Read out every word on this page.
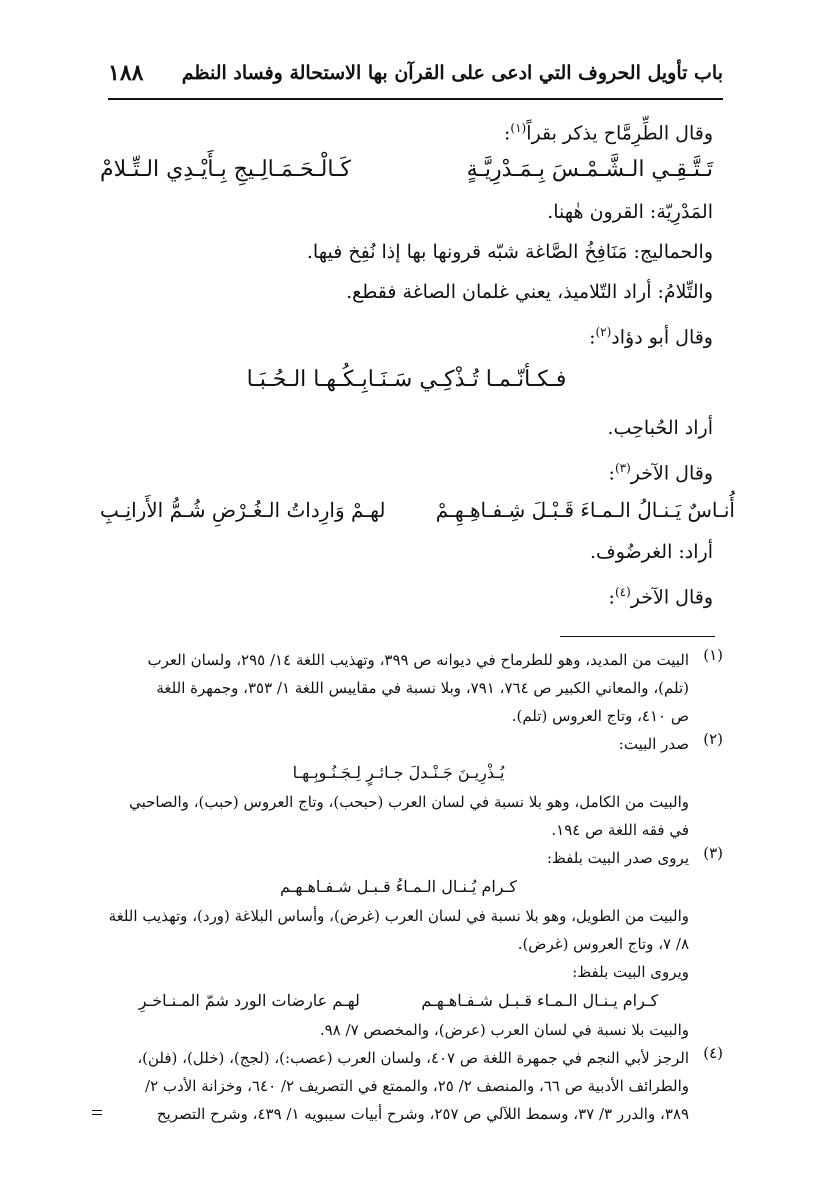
باب تأويل الحروف التي ادعى على القرآن بها الاستحالة وفساد النظم
١٨٨
وقال الطِّرِمَّاح يذكر بقراً$^{(١)}$:
تَـتَّـقِـي الـشَّـمْـسَ بِـمَـدْرِيَّـةٍ
كَـالْـحَـمَـالِـيجِ بِـأَيْـدِي الـتِّـلامْ
المَدْرِيّة: القرون هٰهنا.
والحماليج: مَنَافِخُ الصَّاغة شبّه قرونها بها إذا نُفِخ فيها.
والتِّلامُ: أراد التّلاميذ، يعني غلمان الصاغة فقطع.
وقال أبو دؤاد$^{(٢)}$:
فـكـأنّـمـا تُـذْكِـي سَـنَـابِـكُـهـا الـحُـبَـا
أراد الحُباحِب.
وقال الآخر$^{(٣)}$:
أُنـاسٌ يَـنـالُ الـمـاءَ قَـبْـلَ شِـفـاهِـهِـمْ
لهـمْ وَارِداتُ الـغُـرْضِ شُـمُّ الأَرانِـبِ
أراد: الغرضُوف.
وقال الآخر$^{(٤)}$:
(١)
البيت من المديد، وهو للطرماح في ديوانه ص ٣٩٩، وتهذيب اللغة ١٤/ ٢٩٥، ولسان العرب
(تلم)، والمعاني الكبير ص ٧٦٤، ٧٩١، وبلا نسبة في مقاييس اللغة ١/ ٣٥٣، وجمهرة اللغة
ص ٤١٠، وتاج العروس (تلم).
(٢)
صدر البيت:
يُـذْرِيـنَ جَـنْـدلَ جـائـرٍ لِـجَـنُـوبِـهـا
والبيت من الكامل، وهو بلا نسبة في لسان العرب (حبحب)، وتاج العروس (حبب)، والصاحبي
في فقه اللغة ص ١٩٤.
(٣)
يروى صدر البيت بلفظ:
كـرام يُـنـال الـمـاءُ قـبـل شـفـاهـهـم
والبيت من الطويل، وهو بلا نسبة في لسان العرب (غرض)، وأساس البلاغة (ورد)، وتهذيب اللغة
٨/ ٧، وتاج العروس (غرض).
ويروى البيت بلفظ:
كـرام يـنـال الـمـاء قـبـل شـفـاهـهـم
لهـم عارضات الورد شمّ المـنـاخـرِ
والبيت بلا نسبة في لسان العرب (عرض)، والمخصص ٧/ ٩٨.
(٤)
الرجز لأبي النجم في جمهرة اللغة ص ٤٠٧، ولسان العرب (عصب:)، (لجج)، (خلل)، (فلن)،
والطرائف الأدبية ص ٦٦، والمنصف ٢/ ٢٥، والممتع في التصريف ٢/ ٦٤٠، وخزانة الأدب ٢/
٣٨٩، والدرر ٣/ ٣٧، وسمط اللآلي ص ٢٥٧، وشرح أبيات سيبويه ١/ ٤٣٩، وشرح التصريح
